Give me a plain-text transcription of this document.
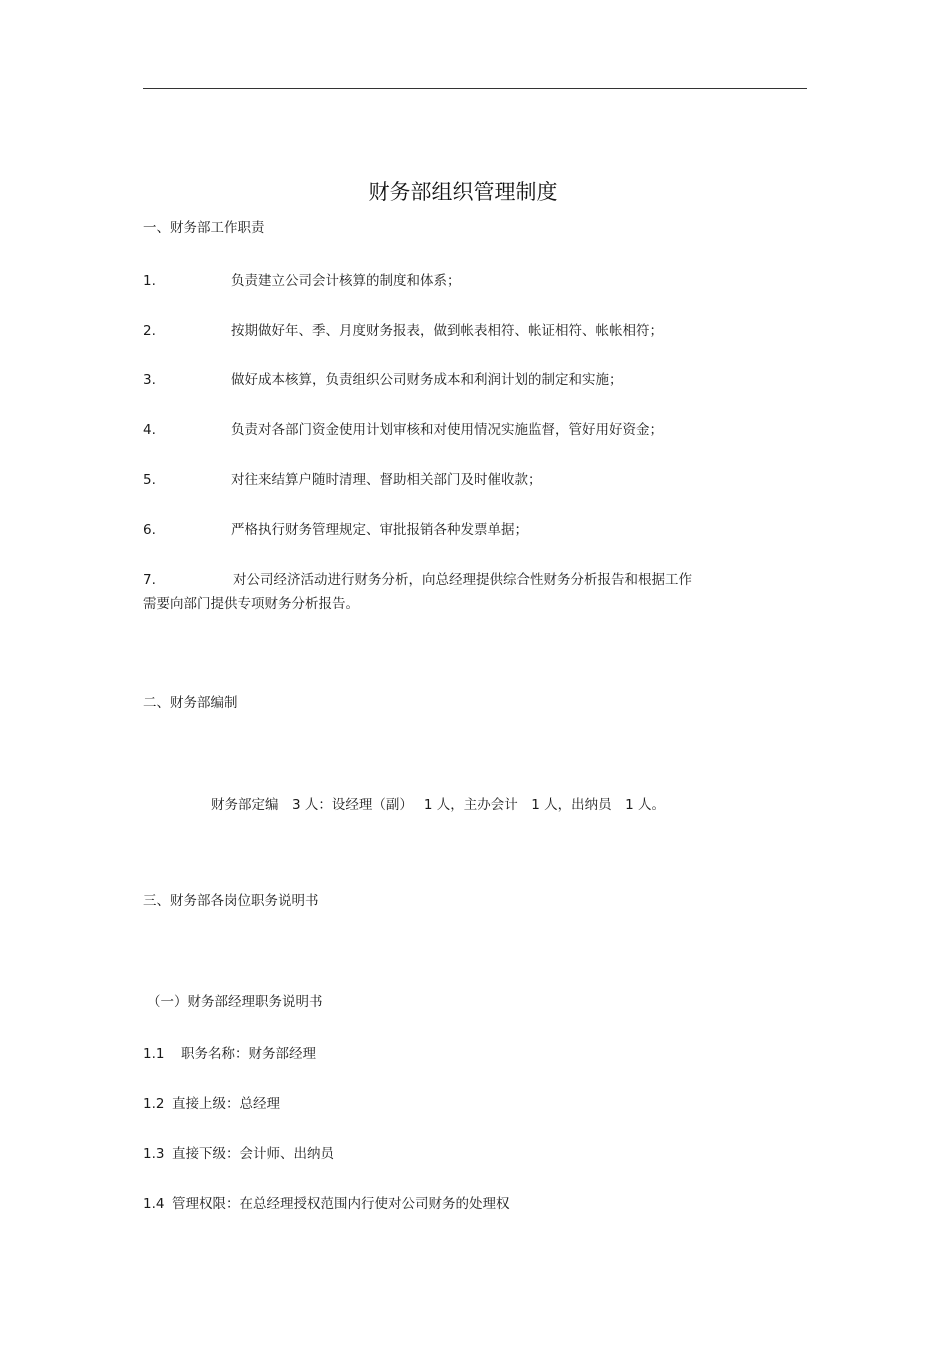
财务部组织管理制度
一、财务部工作职责
1.	负责建立公司会计核算的制度和体系；
2.	按期做好年、季、月度财务报表，做到帐表相符、帐证相符、帐帐相符；
3.	做好成本核算，负责组织公司财务成本和利润计划的制定和实施；
4.	负责对各部门资金使用计划审核和对使用情况实施监督，管好用好资金；
5.	对往来结算户随时清理、督助相关部门及时催收款；
6.	严格执行财务管理规定、审批报销各种发票单据；
7.	对公司经济活动进行财务分析，向总经理提供综合性财务分析报告和根据工作
需要向部门提供专项财务分析报告。
二、财务部编制
财务部定编　3 人：设经理（副）　 1 人，主办会计　1 人，出纳员　1 人。
三、财务部各岗位职务说明书
（一）财务部经理职务说明书
1.1 职务名称：财务部经理
1.2 直接上级：总经理
1.3 直接下级：会计师、出纳员
1.4 管理权限：在总经理授权范围内行使对公司财务的处理权
